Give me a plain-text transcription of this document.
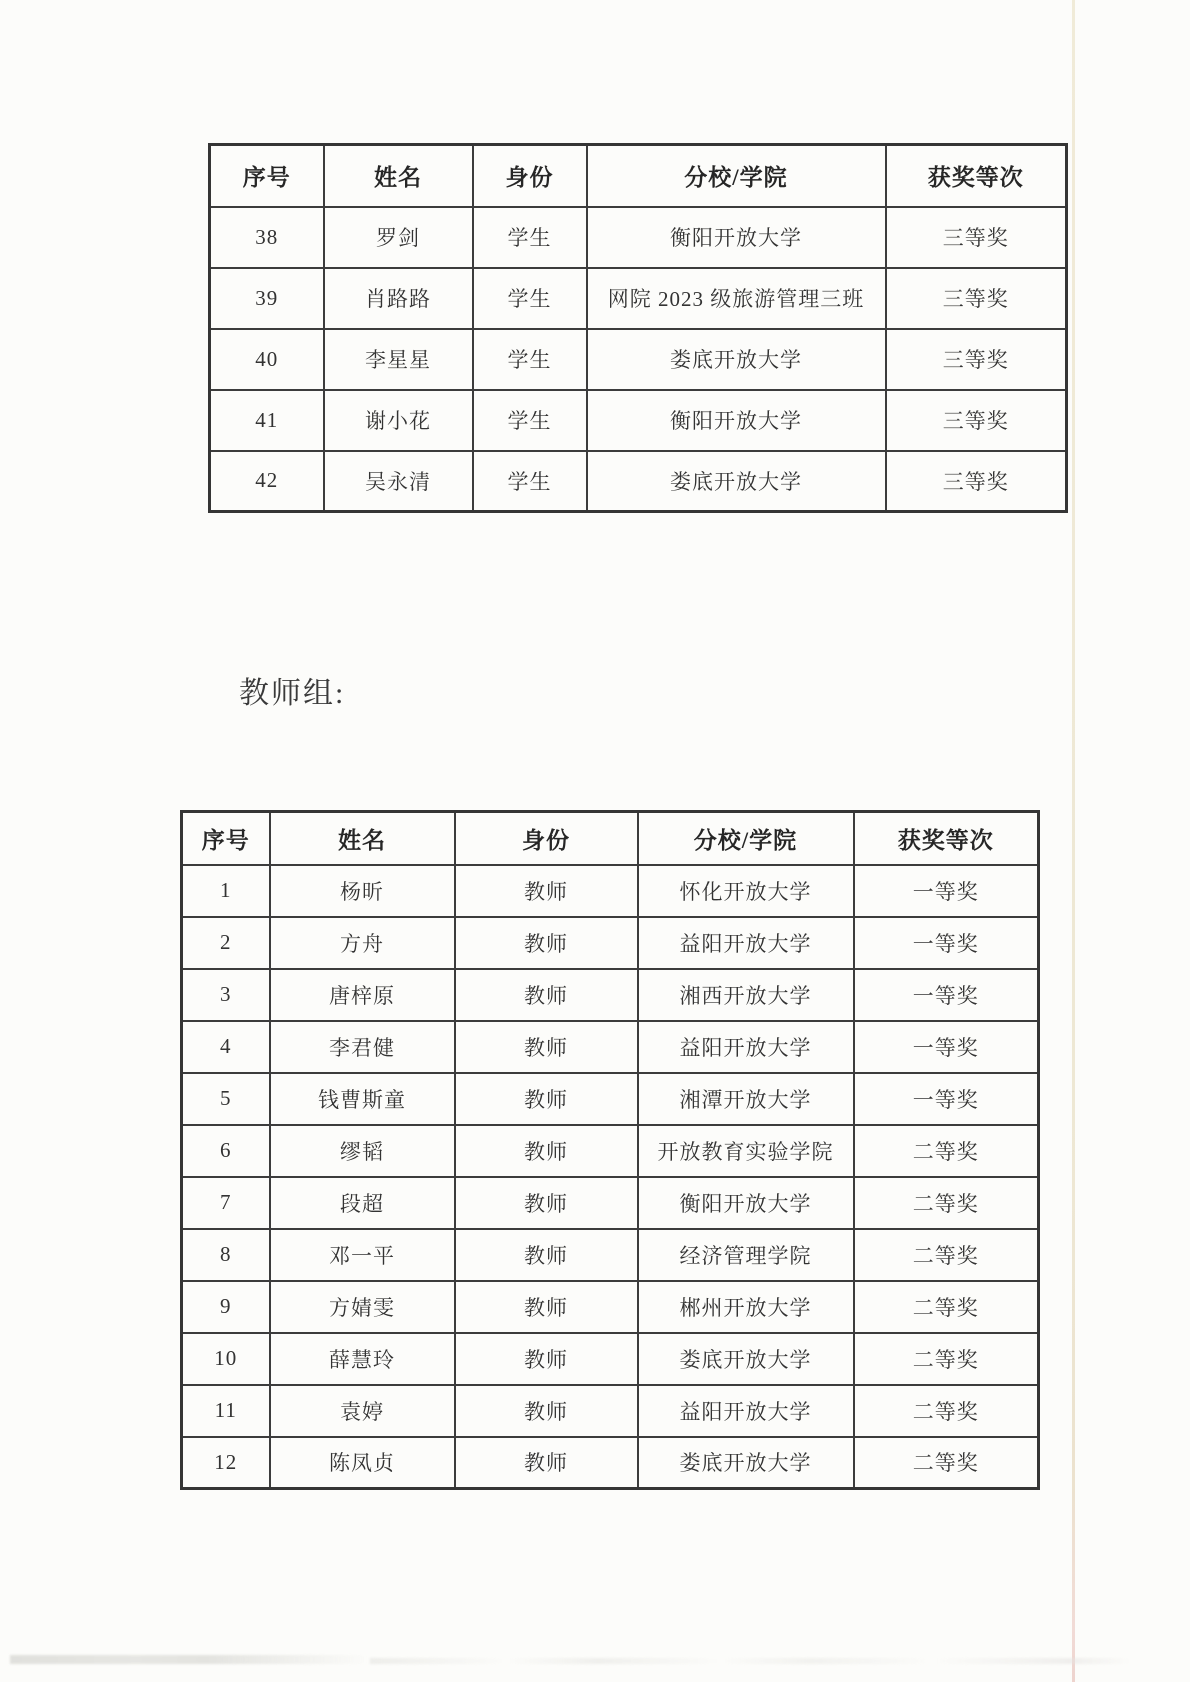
序号	姓名	身份	分校/学院	获奖等次
38	罗剑	学生	衡阳开放大学	三等奖
39	肖路路	学生	网院 2023 级旅游管理三班	三等奖
40	李星星	学生	娄底开放大学	三等奖
41	谢小花	学生	衡阳开放大学	三等奖
42	吴永清	学生	娄底开放大学	三等奖
教师组:
序号	姓名	身份	分校/学院	获奖等次
1	杨昕	教师	怀化开放大学	一等奖
2	方舟	教师	益阳开放大学	一等奖
3	唐梓原	教师	湘西开放大学	一等奖
4	李君健	教师	益阳开放大学	一等奖
5	钱曹斯童	教师	湘潭开放大学	一等奖
6	缪韬	教师	开放教育实验学院	二等奖
7	段超	教师	衡阳开放大学	二等奖
8	邓一平	教师	经济管理学院	二等奖
9	方婧雯	教师	郴州开放大学	二等奖
10	薛慧玲	教师	娄底开放大学	二等奖
11	袁婷	教师	益阳开放大学	二等奖
12	陈凤贞	教师	娄底开放大学	二等奖
